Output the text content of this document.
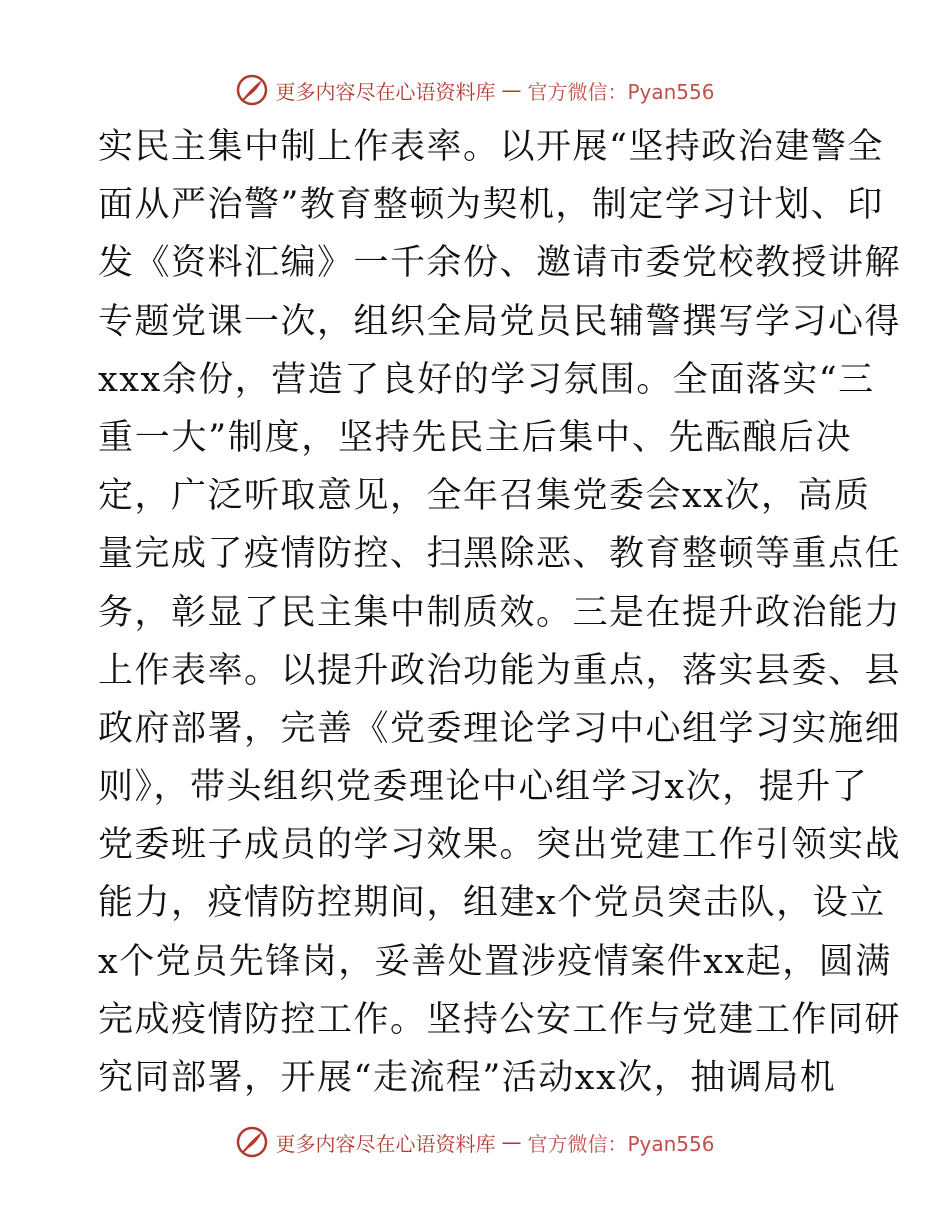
更多内容尽在心语资料库 — 官方微信：Pyan556
实民主集中制上作表率。以开展“坚持政治建警全
面从严治警”教育整顿为契机，制定学习计划、印
发《资料汇编》一千余份、邀请市委党校教授讲解
专题党课一次，组织全局党员民辅警撰写学习心得
xxx余份，营造了良好的学习氛围。全面落实“三
重一大”制度，坚持先民主后集中、先酝酿后决
定，广泛听取意见，全年召集党委会xx次，高质
量完成了疫情防控、扫黑除恶、教育整顿等重点任
务，彰显了民主集中制质效。三是在提升政治能力
上作表率。以提升政治功能为重点，落实县委、县
政府部署，完善《党委理论学习中心组学习实施细
则》，带头组织党委理论中心组学习x次，提升了
党委班子成员的学习效果。突出党建工作引领实战
能力，疫情防控期间，组建x个党员突击队，设立
x个党员先锋岗，妥善处置涉疫情案件xx起，圆满
完成疫情防控工作。坚持公安工作与党建工作同研
究同部署，开展“走流程”活动xx次，抽调局机
更多内容尽在心语资料库 — 官方微信：Pyan556
